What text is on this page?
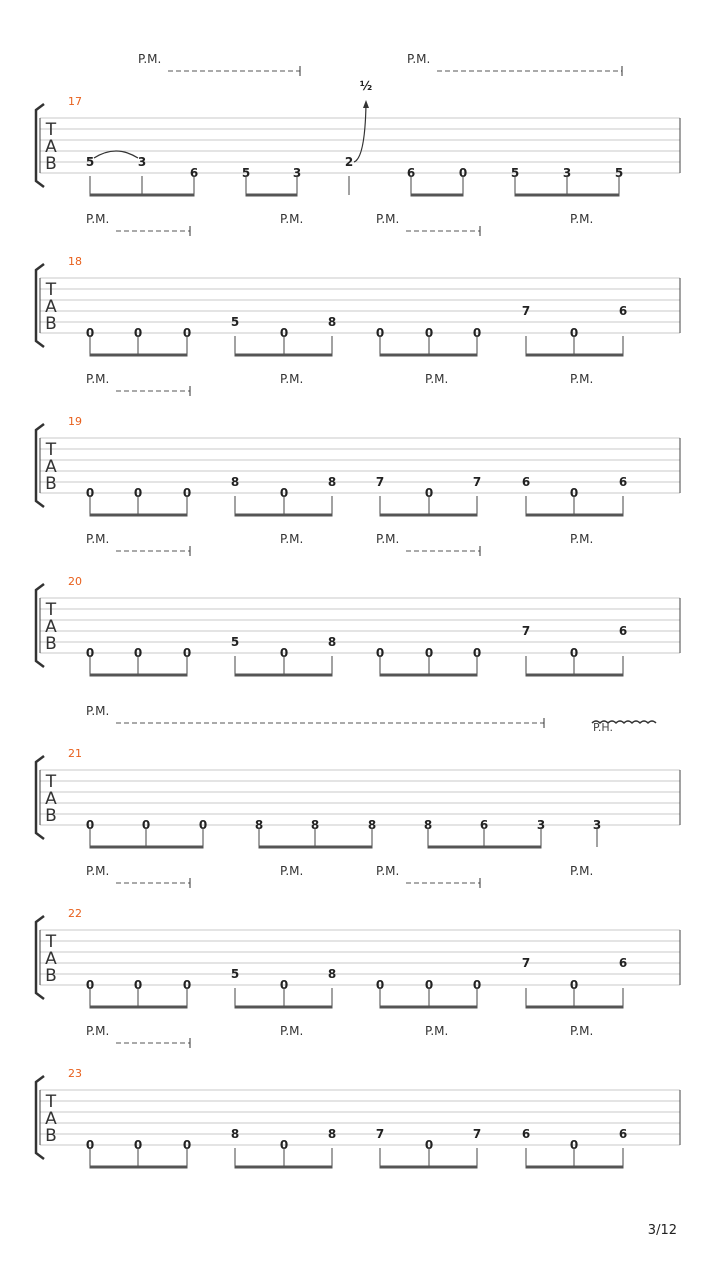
3/12
T
A
B
17
5	3
6	5	3
2
6	0	5	3	5
½
P.M.	P.M.
T
A
B
18
0	0	0
5
0
8
0	0	0
7
0
6
P.M.	P.M.	P.M.	P.M.
T
A
B
19
0	0	0
8
0
8	7
0
7	6
0
6
P.M.	P.M.	P.M.	P.M.
T
A
B
20
0	0	0
5
0
8
0	0	0
7
0
6
P.M.	P.M.	P.M.	P.M.
T
A
B
21
0	0	0	8	8	8	8	6	3	3
P.M.
P.H.
T
A
B
22
0	0	0
5
0
8
0	0	0
7
0
6
P.M.	P.M.	P.M.	P.M.
T
A
B
23
0	0	0
8
0
8	7
0
7	6
0
6
P.M.	P.M.	P.M.	P.M.
